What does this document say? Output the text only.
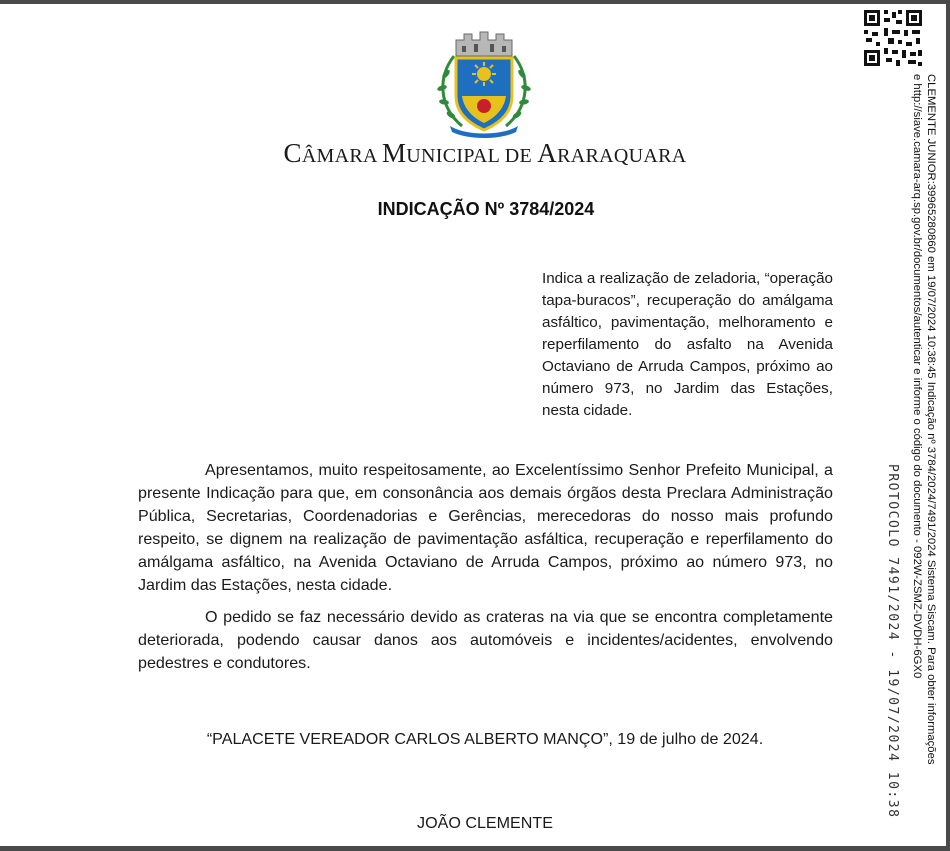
CÂMARA MUNICIPAL DE ARARAQUARA
INDICAÇÃO Nº 3784/2024

Indica a realização de zeladoria, “operação tapa-buracos”, recuperação do amálgama asfáltico, pavimentação, melhoramento e reperfilamento do asfalto na Avenida Octaviano de Arruda Campos, próximo ao número 973, no Jardim das Estações, nesta cidade.

Apresentamos, muito respeitosamente, ao Excelentíssimo Senhor Prefeito Municipal, a presente Indicação para que, em consonância aos demais órgãos desta Preclara Administração Pública, Secretarias, Coordenadorias e Gerências, merecedoras do nosso mais profundo respeito, se dignem na realização de pavimentação asfáltica, recuperação e reperfilamento do amálgama asfáltico, na Avenida Octaviano de Arruda Campos, próximo ao número 973, no Jardim das Estações, nesta cidade.

O pedido se faz necessário devido as crateras na via que se encontra completamente deteriorada, podendo causar danos aos automóveis e incidentes/acidentes, envolvendo pedestres e condutores.

“PALACETE VEREADOR CARLOS ALBERTO MANÇO”, 19 de julho de 2024.
JOÃO CLEMENTE
PROTOCOLO 7491/2024 - 19/07/2024 10:38 CLEMENTE JUNIOR:39965280860 em 19/07/2024 10:38:45 Indicação nº 3784/2024/7491/2024 Sistema Siscam. Para obter informações
e http://siave.camara-arq.sp.gov.br/documentos/autenticar e informe o código do documento - 092W-ZSMZ-DVDH-6GX0
